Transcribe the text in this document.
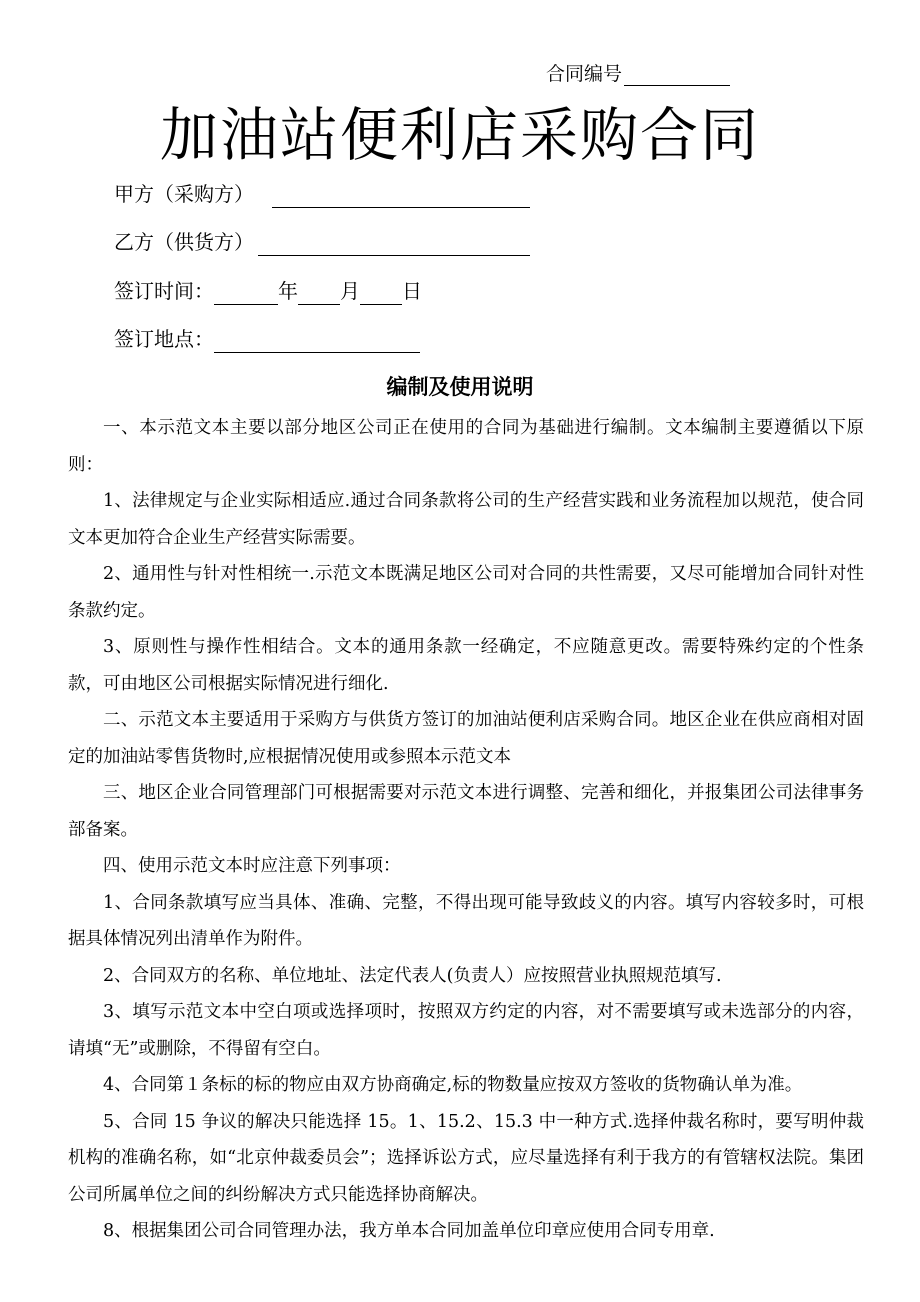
合同编号
加油站便利店采购合同
甲方（采购方）
乙方（供货方）
签订时间：	年 月 日
签订地点：
编制及使用说明

一、本示范文本主要以部分地区公司正在使用的合同为基础进行编制。文本编制主要遵循以下原则：

1、法律规定与企业实际相适应.通过合同条款将公司的生产经营实践和业务流程加以规范，使合同文本更加符合企业生产经营实际需要。

2、通用性与针对性相统一.示范文本既满足地区公司对合同的共性需要，又尽可能增加合同针对性条款约定。

3、原则性与操作性相结合。文本的通用条款一经确定，不应随意更改。需要特殊约定的个性条款，可由地区公司根据实际情况进行细化.

二、示范文本主要适用于采购方与供货方签订的加油站便利店采购合同。地区企业在供应商相对固定的加油站零售货物时,应根据情况使用或参照本示范文本

三、地区企业合同管理部门可根据需要对示范文本进行调整、完善和细化，并报集团公司法律事务部备案。

四、使用示范文本时应注意下列事项：

1、合同条款填写应当具体、准确、完整，不得出现可能导致歧义的内容。填写内容较多时，可根据具体情况列出清单作为附件。

2、合同双方的名称、单位地址、法定代表人(负责人）应按照营业执照规范填写.

3、填写示范文本中空白项或选择项时，按照双方约定的内容，对不需要填写或未选部分的内容，请填“无”或删除，不得留有空白。

4、合同第１条标的标的物应由双方协商确定,标的物数量应按双方签收的货物确认单为准。

5、合同 15 争议的解决只能选择 15。1、15.2、15.3 中一种方式.选择仲裁名称时，要写明仲裁机构的准确名称，如“北京仲裁委员会”；选择诉讼方式，应尽量选择有利于我方的有管辖权法院。集团公司所属单位之间的纠纷解决方式只能选择协商解决。

8、根据集团公司合同管理办法，我方单本合同加盖单位印章应使用合同专用章.
